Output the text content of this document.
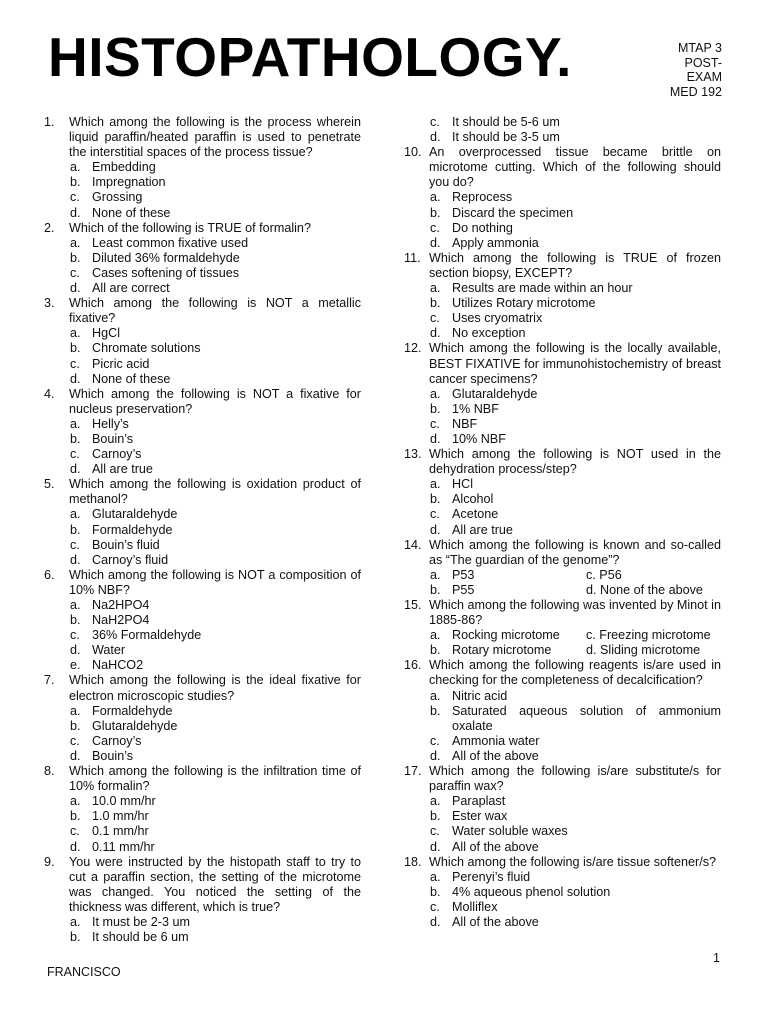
HISTOPATHOLOGY.	MTAP 3
POST-
EXAM
MED 192
1. Which among the following is the process wherein liquid paraffin/heated paraffin is used to penetrate the interstitial spaces of the process tissue?
a. Embedding
b. Impregnation
c. Grossing
d. None of these
2. Which of the following is TRUE of formalin?
a. Least common fixative used
b. Diluted 36% formaldehyde
c. Cases softening of tissues
d. All are correct
3. Which among the following is NOT a metallic fixative?
a. HgCl
b. Chromate solutions
c. Picric acid
d. None of these
4. Which among the following is NOT a fixative for nucleus preservation?
a. Helly’s
b. Bouin’s
c. Carnoy’s
d. All are true
5. Which among the following is oxidation product of methanol?
a. Glutaraldehyde
b. Formaldehyde
c. Bouin’s fluid
d. Carnoy’s fluid
6. Which among the following is NOT a composition of 10% NBF?
a. Na2HPO4
b. NaH2PO4
c. 36% Formaldehyde
d. Water
e. NaHCO2
7. Which among the following is the ideal fixative for electron microscopic studies?
a. Formaldehyde
b. Glutaraldehyde
c. Carnoy’s
d. Bouin’s
8. Which among the following is the infiltration time of 10% formalin?
a. 10.0 mm/hr
b. 1.0 mm/hr
c. 0.1 mm/hr
d. 0.11 mm/hr
9. You were instructed by the histopath staff to try to cut a paraffin section, the setting of the microtome was changed. You noticed the setting of the thickness was different, which is true?
a. It must be 2-3 um
b. It should be 6 um
c. It should be 5-6 um
d. It should be 3-5 um
10. An overprocessed tissue became brittle on microtome cutting. Which of the following should you do?
a. Reprocess
b. Discard the specimen
c. Do nothing
d. Apply ammonia
11. Which among the following is TRUE of frozen section biopsy, EXCEPT?
a. Results are made within an hour
b. Utilizes Rotary microtome
c. Uses cryomatrix
d. No exception
12. Which among the following is the locally available, BEST FIXATIVE for immunohistochemistry of breast cancer specimens?
a. Glutaraldehyde
b. 1% NBF
c. NBF
d. 10% NBF
13. Which among the following is NOT used in the dehydration process/step?
a. HCl
b. Alcohol
c. Acetone
d. All are true
14. Which among the following is known and so-called as “The guardian of the genome”?
a. P53	c. P56
b. P55	d. None of the above
15. Which among the following was invented by Minot in 1885-86?
a. Rocking microtome	c. Freezing microtome
b. Rotary microtome	d. Sliding microtome
16. Which among the following reagents is/are used in checking for the completeness of decalcification?
a. Nitric acid
b. Saturated aqueous solution of ammonium oxalate
c. Ammonia water
d. All of the above
17. Which among the following is/are substitute/s for paraffin wax?
a. Paraplast
b. Ester wax
c. Water soluble waxes
d. All of the above
18. Which among the following is/are tissue softener/s?
a. Perenyi’s fluid
b. 4% aqueous phenol solution
c. Molliflex
d. All of the above
1
FRANCISCO
